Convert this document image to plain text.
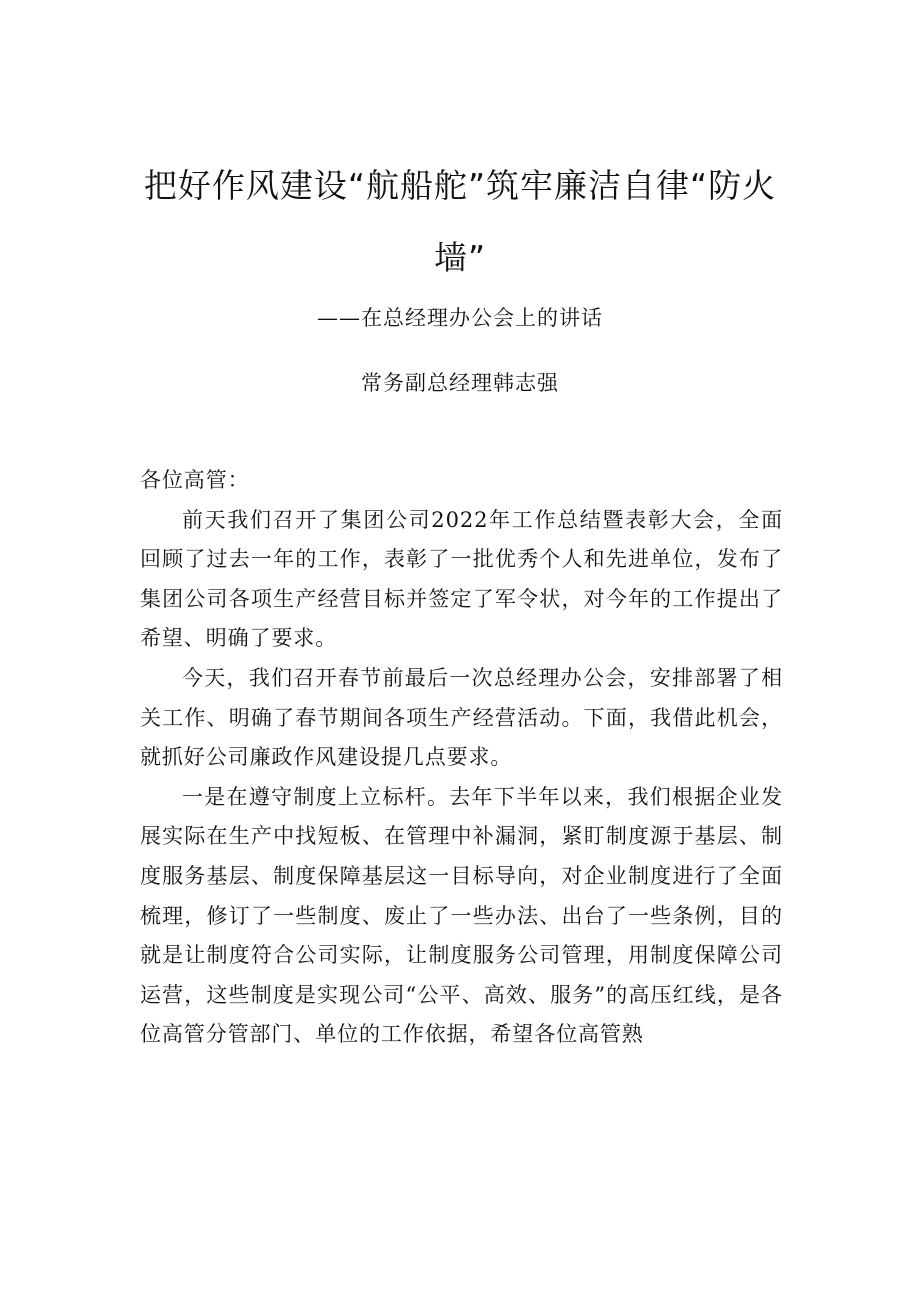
把好作风建设“航船舵”筑牢廉洁自律“防火墙”
——在总经理办公会上的讲话
常务副总经理韩志强

各位高管：

前天我们召开了集团公司2022年工作总结暨表彰大会，全面回顾了过去一年的工作，表彰了一批优秀个人和先进单位，发布了集团公司各项生产经营目标并签定了军令状，对今年的工作提出了希望、明确了要求。

今天，我们召开春节前最后一次总经理办公会，安排部署了相关工作、明确了春节期间各项生产经营活动。下面，我借此机会，就抓好公司廉政作风建设提几点要求。

一是在遵守制度上立标杆。去年下半年以来，我们根据企业发展实际在生产中找短板、在管理中补漏洞，紧盯制度源于基层、制度服务基层、制度保障基层这一目标导向，对企业制度进行了全面梳理，修订了一些制度、废止了一些办法、出台了一些条例，目的就是让制度符合公司实际，让制度服务公司管理，用制度保障公司运营，这些制度是实现公司“公平、高效、服务”的高压红线，是各位高管分管部门、单位的工作依据，希望各位高管熟
